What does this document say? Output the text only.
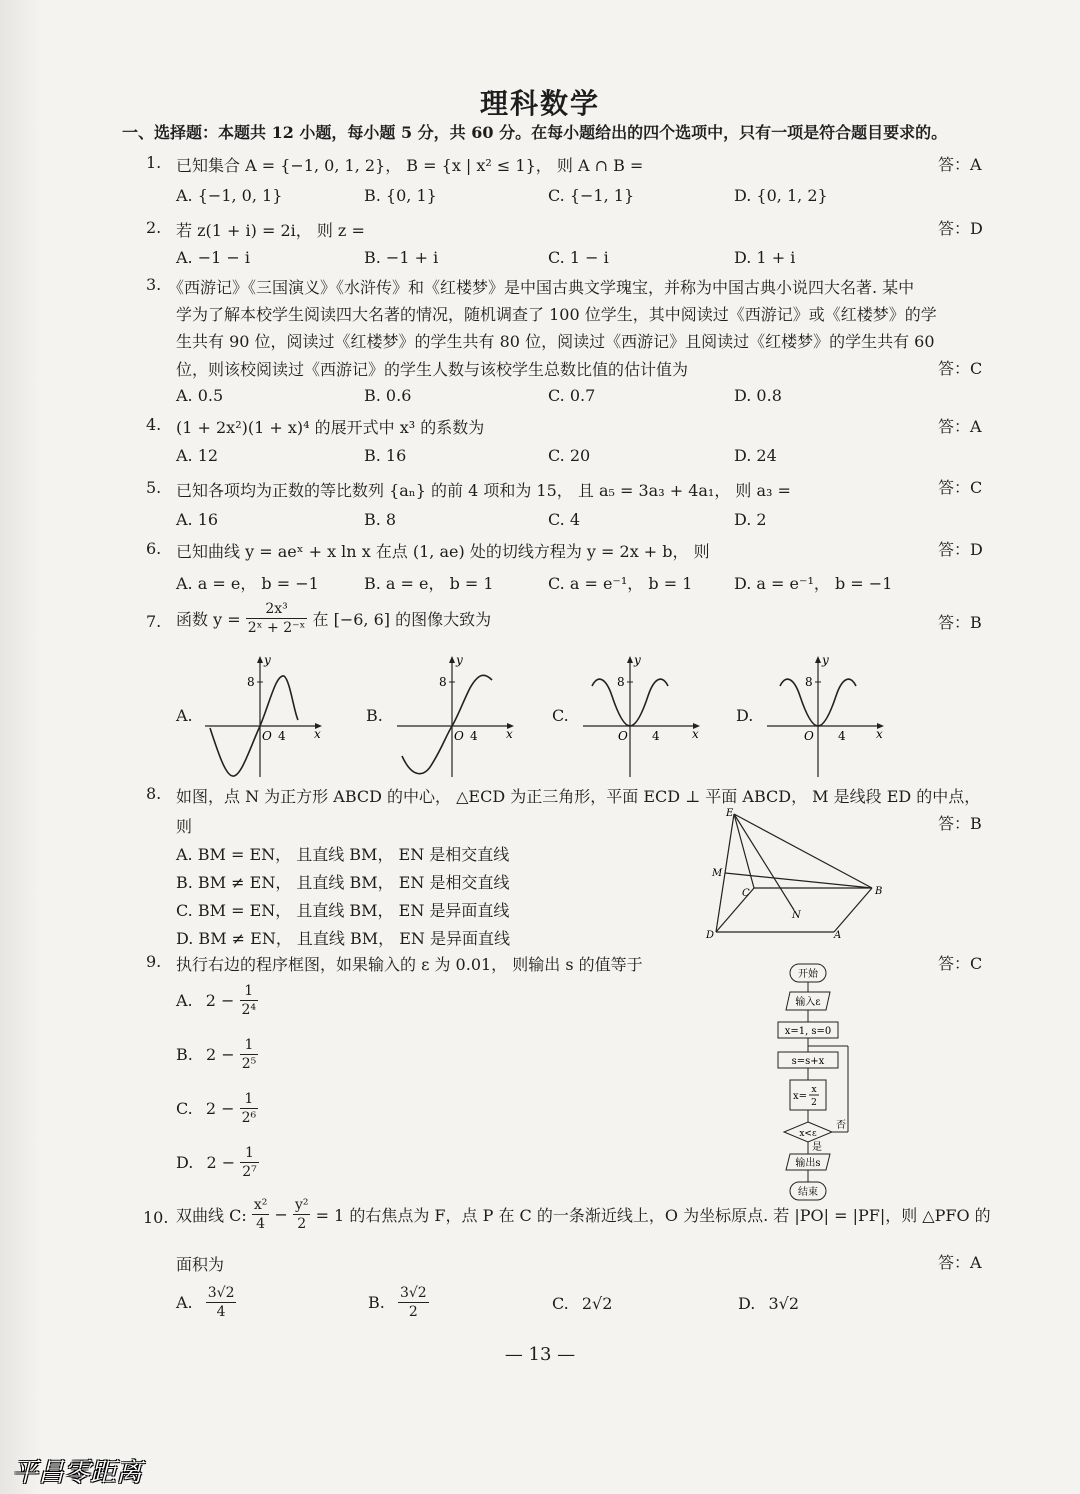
理科数学
一、选择题：本题共 12 小题，每小题 5 分，共 60 分。在每小题给出的四个选项中，只有一项是符合题目要求的。
1. 已知集合 A = {−1, 0, 1, 2}， B = {x | x² ≤ 1}， 则 A ∩ B =	答：A
A. {−1, 0, 1}	B. {0, 1}	C. {−1, 1}	D. {0, 1, 2}
2. 若 z(1 + i) = 2i， 则 z =	答：D
A. −1 − i	B. −1 + i	C. 1 − i	D. 1 + i
3. 《西游记》《三国演义》《水浒传》和《红楼梦》是中国古典文学瑰宝，并称为中国古典小说四大名著. 某中
学为了解本校学生阅读四大名著的情况，随机调查了 100 位学生，其中阅读过《西游记》或《红楼梦》的学
生共有 90 位，阅读过《红楼梦》的学生共有 80 位，阅读过《西游记》且阅读过《红楼梦》的学生共有 60
位，则该校阅读过《西游记》的学生人数与该校学生总数比值的估计值为	答：C
A. 0.5	B. 0.6	C. 0.7	D. 0.8
4. (1 + 2x²)(1 + x)⁴ 的展开式中 x³ 的系数为	答：A
A. 12	B. 16	C. 20	D. 24
5. 已知各项均为正数的等比数列 {aₙ} 的前 4 项和为 15， 且 a₅ = 3a₃ + 4a₁， 则 a₃ =	答：C
A. 16	B. 8	C. 4	D. 2
6. 已知曲线 y = aeˣ + x ln x 在点 (1, ae) 处的切线方程为 y = 2x + b， 则	答：D
A. a = e， b = −1	B. a = e， b = 1	C. a = e⁻¹， b = 1	D. a = e⁻¹， b = −1
7. 函数 $y = \frac{\text{2x³}}{\text{2ˣ + 2⁻ˣ}}$ 在 [−6, 6] 的图像大致为	答：B
A.	B.	C.	D.
y
x
O 4
8
y
x
O 4
8
y
x
O 4
8
y
x
O 4
8
8. 如图，点 N 为正方形 ABCD 的中心， △ECD 为正三角形，平面 ECD ⊥ 平面 ABCD， M 是线段 ED 的中点，
则	答：B
A. BM = EN， 且直线 BM， EN 是相交直线
B. BM ≠ EN， 且直线 BM， EN 是相交直线
C. BM = EN， 且直线 BM， EN 是异面直线
D. BM ≠ EN， 且直线 BM， EN 是异面直线
E
M
C	B
N
D	A
9. 执行右边的程序框图，如果输入的 ε 为 0.01， 则输出 s 的值等于	答：C
A. $2 - \frac{1}{\text{2⁴}}$
B. $2 - \frac{1}{\text{2⁵}}$
C. $2 - \frac{1}{\text{2⁶}}$
D. $2 - \frac{1}{\text{2⁷}}$
开始
输入ε
x=1, s=0
s=s+x
x=
x
2
x<ε
否
是
输出s
结束
10. 双曲线 C: $\frac{\text{x²}}{4} - \frac{\text{y²}}{2} = 1$ 的右焦点为 F，点 P 在 C 的一条渐近线上，O 为坐标原点. 若 |PO| = |PF|，则 △PFO 的
面积为	答：A
A. $\frac{3√2}{4}$	B. $\frac{3√2}{2}$	C. 2√2	D. 3√2
— 13 —
平昌零距离
